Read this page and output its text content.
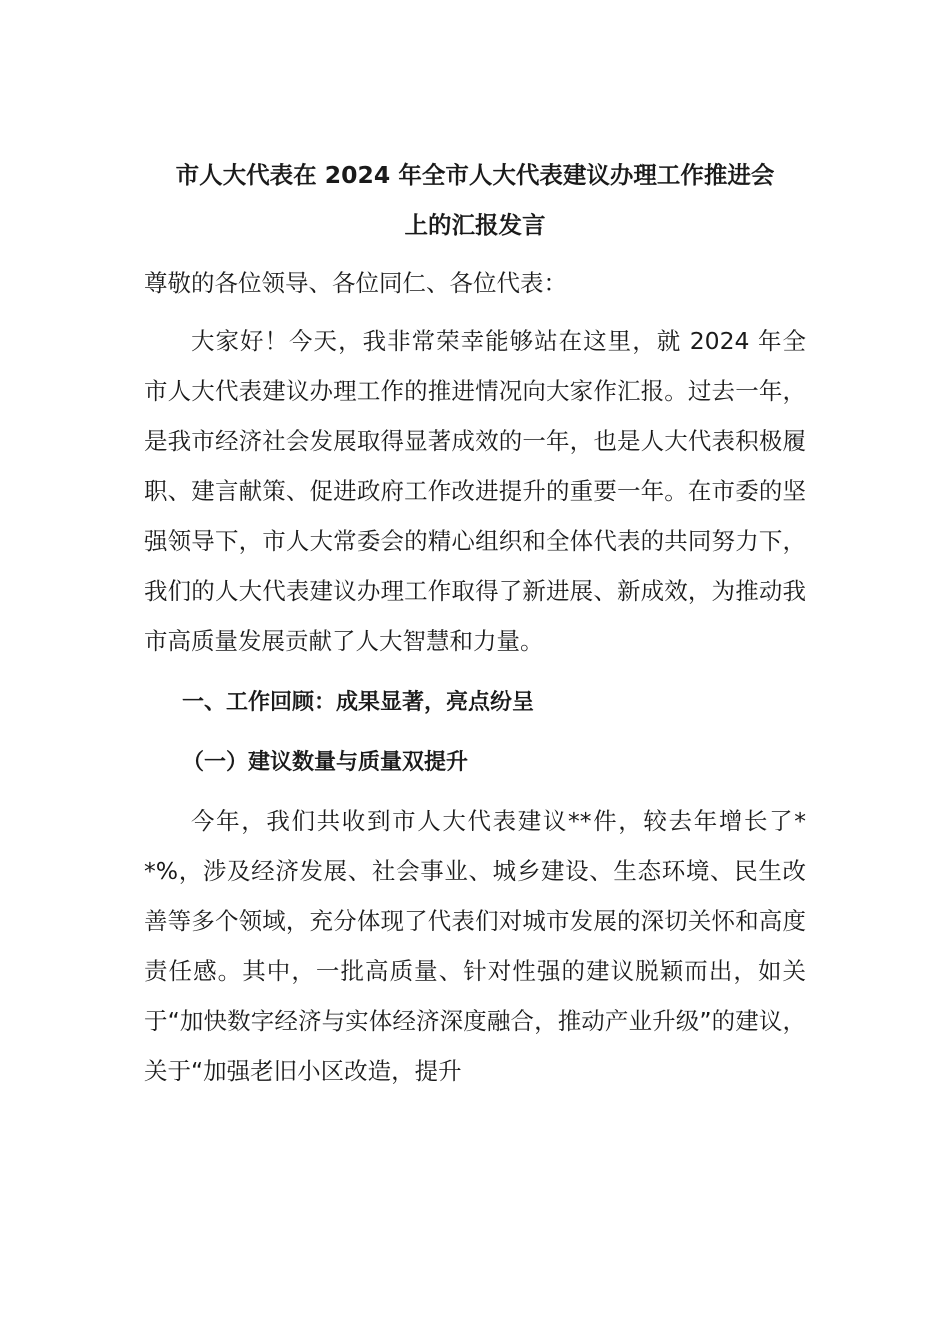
市人大代表在 2024 年全市人大代表建议办理工作推进会
上的汇报发言

尊敬的各位领导、各位同仁、各位代表：

大家好！今天，我非常荣幸能够站在这里，就 2024 年全市人大代表建议办理工作的推进情况向大家作汇报。过去一年，是我市经济社会发展取得显著成效的一年，也是人大代表积极履职、建言献策、促进政府工作改进提升的重要一年。在市委的坚强领导下，市人大常委会的精心组织和全体代表的共同努力下，我们的人大代表建议办理工作取得了新进展、新成效，为推动我市高质量发展贡献了人大智慧和力量。

一、工作回顾：成果显著，亮点纷呈

（一）建议数量与质量双提升

今年，我们共收到市人大代表建议**件，较去年增长了**%，涉及经济发展、社会事业、城乡建设、生态环境、民生改善等多个领域，充分体现了代表们对城市发展的深切关怀和高度责任感。其中，一批高质量、针对性强的建议脱颖而出，如关于“加快数字经济与实体经济深度融合，推动产业升级”的建议，关于“加强老旧小区改造，提升
